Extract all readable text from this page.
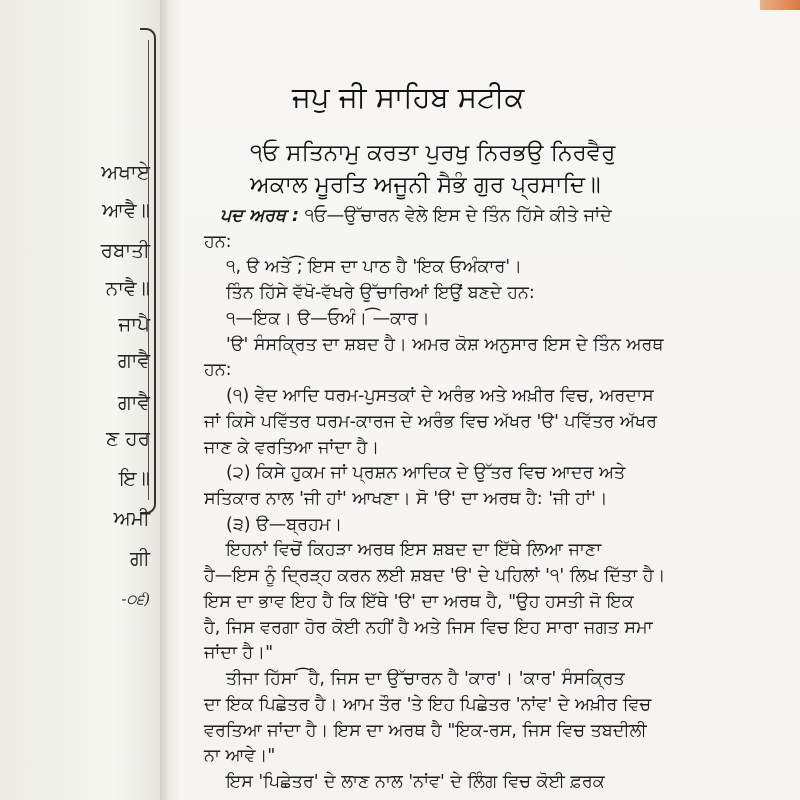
ਅਖਾਏ
ਆਵੈ॥
ਰਬਾਤੀ
ਨਾਵੈ॥
ਜਾਪੈ
ਗਾਵੈ
ਗਾਵੈ
ਣ ਹਰ
ਇ॥
ਅਮੀ
ਗੀ
-੦੬)
ਜਪੁ ਜੀ ਸਾਹਿਬ ਸਟੀਕ
੧ਓ ਸਤਿਨਾਮੁ ਕਰਤਾ ਪੁਰਖੁ ਨਿਰਭਉ ਨਿਰਵੈਰੁ
ਅਕਾਲ ਮੂਰਤਿ ਅਜੂਨੀ ਸੈਭੰ ਗੁਰ ਪ੍ਰਸਾਦਿ॥
ਪਦ ਅਰਥ : ੧ਓ—ਉੱਚਾਰਨ ਵੇਲੇ ਇਸ ਦੇ ਤਿੰਨ ਹਿੱਸੇ ਕੀਤੇ ਜਾਂਦੇ
ਹਨ:
੧, ੳ ਅਤੇ ͡; ਇਸ ਦਾ ਪਾਠ ਹੈ 'ਇਕ ਓਅੰਕਾਰ'।
ਤਿੰਨ ਹਿੱਸੇ ਵੱਖੋ-ਵੱਖਰੇ ਉੱਚਾਰਿਆਂ ਇਉਂ ਬਣਦੇ ਹਨ:
੧—ਇਕ। ੳ—ਓਅੰ। ͡—ਕਾਰ।
'ੳ' ਸੰਸਕ੍ਰਿਤ ਦਾ ਸ਼ਬਦ ਹੈ। ਅਮਰ ਕੋਸ਼ ਅਨੁਸਾਰ ਇਸ ਦੇ ਤਿੰਨ ਅਰਥ
ਹਨ:
(੧) ਵੇਦ ਆਦਿ ਧਰਮ-ਪੁਸਤਕਾਂ ਦੇ ਅਰੰਭ ਅਤੇ ਅਖ਼ੀਰ ਵਿਚ, ਅਰਦਾਸ
ਜਾਂ ਕਿਸੇ ਪਵਿੱਤਰ ਧਰਮ-ਕਾਰਜ ਦੇ ਅਰੰਭ ਵਿਚ ਅੱਖਰ 'ੳ' ਪਵਿੱਤਰ ਅੱਖਰ
ਜਾਣ ਕੇ ਵਰਤਿਆ ਜਾਂਦਾ ਹੈ।
(੨) ਕਿਸੇ ਹੁਕਮ ਜਾਂ ਪ੍ਰਸ਼ਨ ਆਦਿਕ ਦੇ ਉੱਤਰ ਵਿਚ ਆਦਰ ਅਤੇ
ਸਤਿਕਾਰ ਨਾਲ 'ਜੀ ਹਾਂ' ਆਖਣਾ। ਸੋ 'ੳ' ਦਾ ਅਰਥ ਹੈ: 'ਜੀ ਹਾਂ'।
(੩) ੳ—ਬ੍ਰਹਮ।
ਇਹਨਾਂ ਵਿਚੋਂ ਕਿਹੜਾ ਅਰਥ ਇਸ ਸ਼ਬਦ ਦਾ ਇੱਥੇ ਲਿਆ ਜਾਣਾ
ਹੈ—ਇਸ ਨੂੰ ਦ੍ਰਿੜ੍ਹ ਕਰਨ ਲਈ ਸ਼ਬਦ 'ੳ' ਦੇ ਪਹਿਲਾਂ '੧' ਲਿਖ ਦਿੱਤਾ ਹੈ।
ਇਸ ਦਾ ਭਾਵ ਇਹ ਹੈ ਕਿ ਇੱਥੇ 'ੳ' ਦਾ ਅਰਥ ਹੈ, "ਉਹ ਹਸਤੀ ਜੋ ਇਕ
ਹੈ, ਜਿਸ ਵਰਗਾ ਹੋਰ ਕੋਈ ਨਹੀਂ ਹੈ ਅਤੇ ਜਿਸ ਵਿਚ ਇਹ ਸਾਰਾ ਜਗਤ ਸਮਾ
ਜਾਂਦਾ ਹੈ।"
ਤੀਜਾ ਹਿੱਸਾ ͡ ਹੈ, ਜਿਸ ਦਾ ਉੱਚਾਰਨ ਹੈ 'ਕਾਰ'। 'ਕਾਰ' ਸੰਸਕ੍ਰਿਤ
ਦਾ ਇਕ ਪਿਛੇਤਰ ਹੈ। ਆਮ ਤੌਰ 'ਤੇ ਇਹ ਪਿਛੇਤਰ 'ਨਾਂਵ' ਦੇ ਅਖ਼ੀਰ ਵਿਚ
ਵਰਤਿਆ ਜਾਂਦਾ ਹੈ। ਇਸ ਦਾ ਅਰਥ ਹੈ "ਇਕ-ਰਸ, ਜਿਸ ਵਿਚ ਤਬਦੀਲੀ
ਨਾ ਆਵੇ।"
ਇਸ 'ਪਿਛੇਤਰ' ਦੇ ਲਾਣ ਨਾਲ 'ਨਾਂਵ' ਦੇ ਲਿੰਗ ਵਿਚ ਕੋਈ ਫ਼ਰਕ
